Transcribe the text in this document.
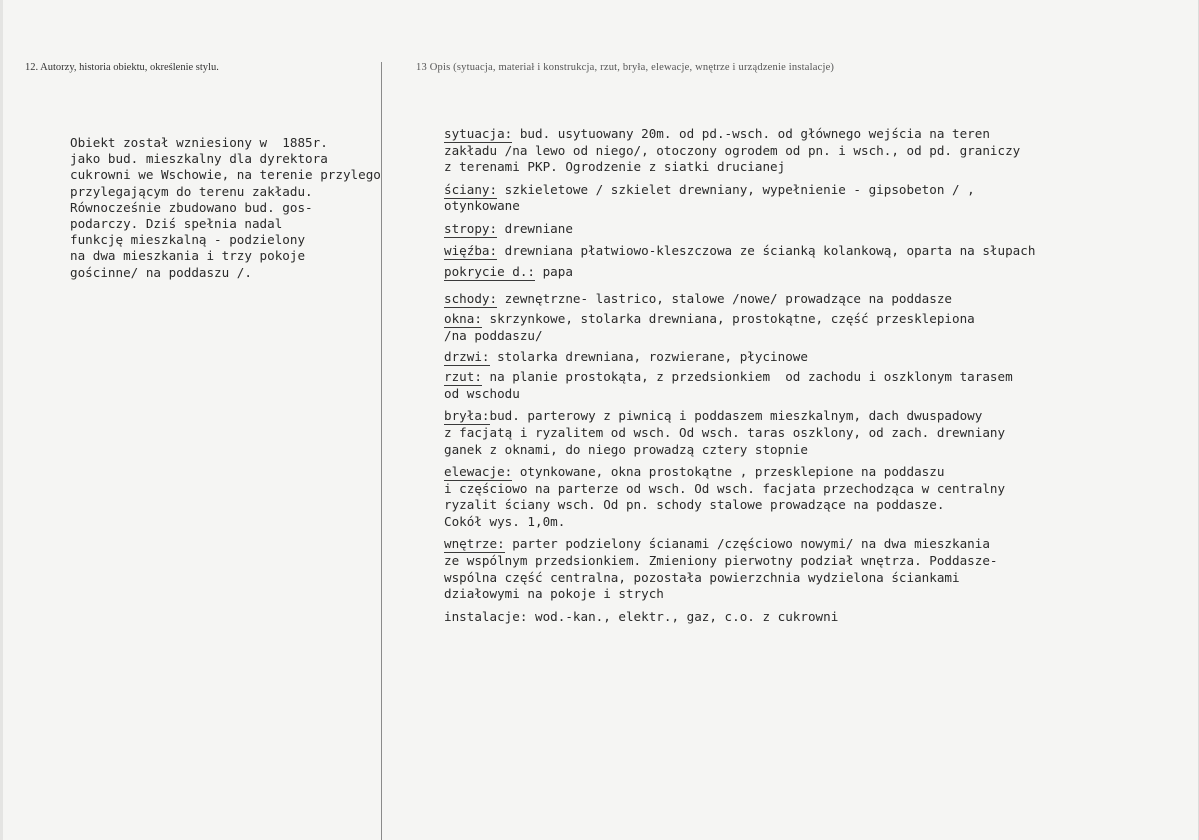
12. Autorzy, historia obiektu, określenie stylu.	13 Opis (sytuacja, materiał i konstrukcja, rzut, bryła, elewacje, wnętrze i urządzenie instalacje)
Obiekt został wzniesiony w  1885r.
jako bud. mieszkalny dla dyrektora
cukrowni we Wschowie, na terenie przylego
przylegającym do terenu zakładu.
Równocześnie zbudowano bud. gos-
podarczy. Dziś spełnia nadal
funkcję mieszkalną - podzielony
na dwa mieszkania i trzy pokoje
gościnne/ na poddaszu /.
sytuacja: bud. usytuowany 20m. od pd.-wsch. od głównego wejścia na teren
zakładu /na lewo od niego/, otoczony ogrodem od pn. i wsch., od pd. graniczy
z terenami PKP. Ogrodzenie z siatki drucianej
ściany: szkieletowe / szkielet drewniany, wypełnienie - gipsobeton / ,
otynkowane
stropy: drewniane
więźba: drewniana płatwiowo-kleszczowa ze ścianką kolankową, oparta na słupach
pokrycie d.: papa
schody: zewnętrzne- lastrico, stalowe /nowe/ prowadzące na poddasze
okna: skrzynkowe, stolarka drewniana, prostokątne, część przesklepiona
/na poddaszu/
drzwi: stolarka drewniana, rozwierane, płycinowe
rzut: na planie prostokąta, z przedsionkiem  od zachodu i oszklonym tarasem
od wschodu
bryła:bud. parterowy z piwnicą i poddaszem mieszkalnym, dach dwuspadowy
z facjatą i ryzalitem od wsch. Od wsch. taras oszklony, od zach. drewniany
ganek z oknami, do niego prowadzą cztery stopnie
elewacje: otynkowane, okna prostokątne , przesklepione na poddaszu
i częściowo na parterze od wsch. Od wsch. facjata przechodząca w centralny
ryzalit ściany wsch. Od pn. schody stalowe prowadzące na poddasze.
Cokół wys. 1,0m.
wnętrze: parter podzielony ścianami /częściowo nowymi/ na dwa mieszkania
ze wspólnym przedsionkiem. Zmieniony pierwotny podział wnętrza. Poddasze-
wspólna część centralna, pozostała powierzchnia wydzielona ściankami
działowymi na pokoje i strych
instalacje: wod.-kan., elektr., gaz, c.o. z cukrowni
